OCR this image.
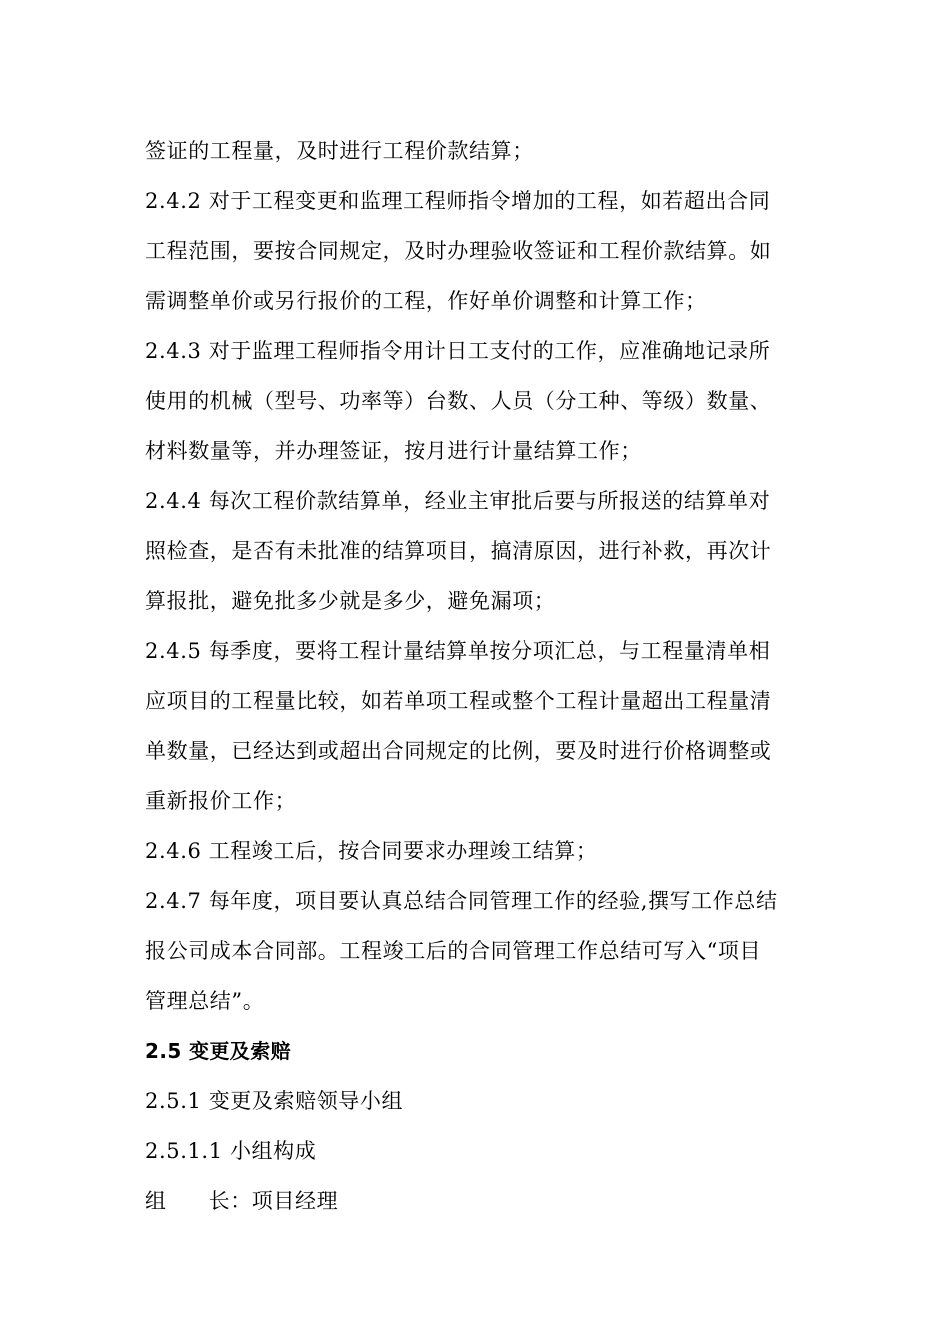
签证的工程量，及时进行工程价款结算；
2.4.2 对于工程变更和监理工程师指令增加的工程，如若超出合同
工程范围，要按合同规定，及时办理验收签证和工程价款结算。如
需调整单价或另行报价的工程，作好单价调整和计算工作；
2.4.3 对于监理工程师指令用计日工支付的工作，应准确地记录所
使用的机械（型号、功率等）台数、人员（分工种、等级）数量、
材料数量等，并办理签证，按月进行计量结算工作；
2.4.4 每次工程价款结算单，经业主审批后要与所报送的结算单对
照检查，是否有未批准的结算项目，搞清原因，进行补救，再次计
算报批，避免批多少就是多少，避免漏项；
2.4.5 每季度，要将工程计量结算单按分项汇总，与工程量清单相
应项目的工程量比较，如若单项工程或整个工程计量超出工程量清
单数量，已经达到或超出合同规定的比例，要及时进行价格调整或
重新报价工作；
2.4.6 工程竣工后，按合同要求办理竣工结算；
2.4.7 每年度，项目要认真总结合同管理工作的经验,撰写工作总结
报公司成本合同部。工程竣工后的合同管理工作总结可写入“项目
管理总结”。
2.5 变更及索赔
2.5.1 变更及索赔领导小组
2.5.1.1 小组构成
组 长：项目经理
